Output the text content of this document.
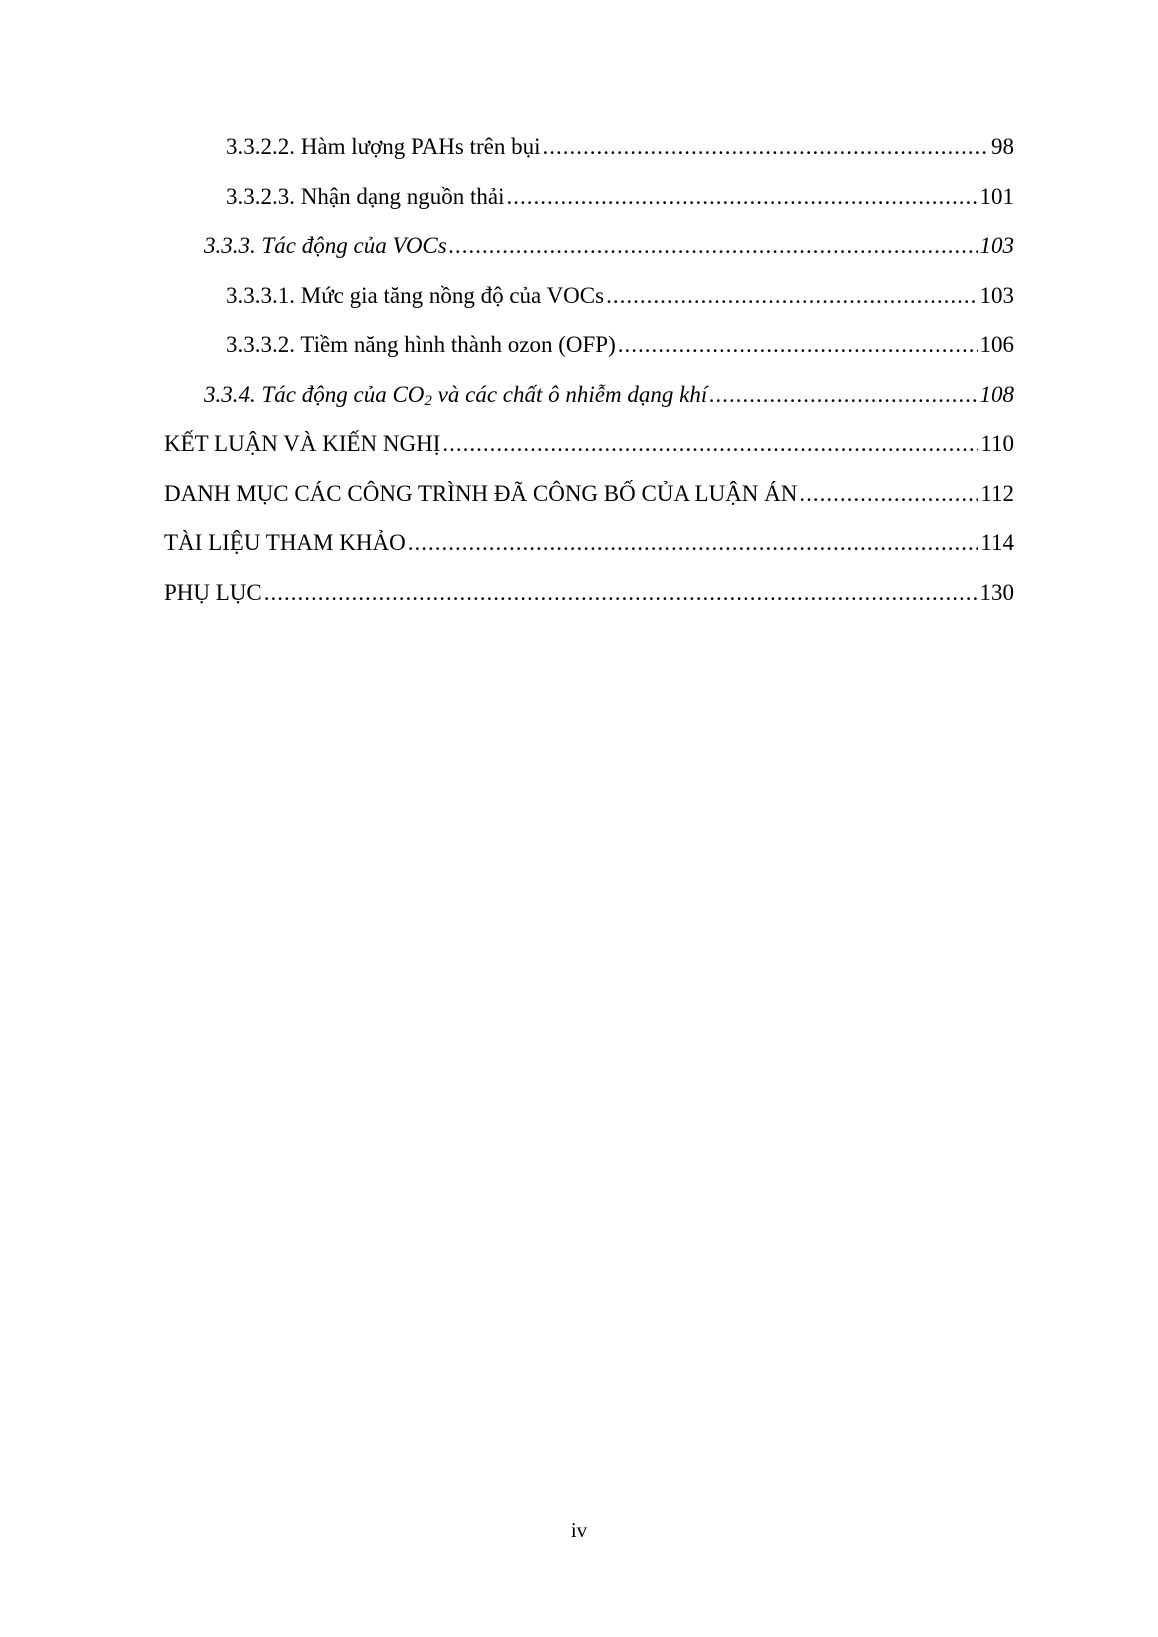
3.3.2.2. Hàm lượng PAHs trên bụi .....	98
3.3.2.3. Nhận dạng nguồn thải .....	101
3.3.3. Tác động của VOCs .....	103
3.3.3.1. Mức gia tăng nồng độ của VOCs .....	103
3.3.3.2. Tiềm năng hình thành ozon (OFP) .....	106
3.3.4. Tác động của $CO_2$ và các chất ô nhiễm dạng khí .....	108
KẾT LUẬN VÀ KIẾN NGHỊ .....	110
DANH MỤC CÁC CÔNG TRÌNH ĐÃ CÔNG BỐ CỦA LUẬN ÁN .....	112
TÀI LIỆU THAM KHẢO .....	114
PHỤ LỤC .....	130
iv
